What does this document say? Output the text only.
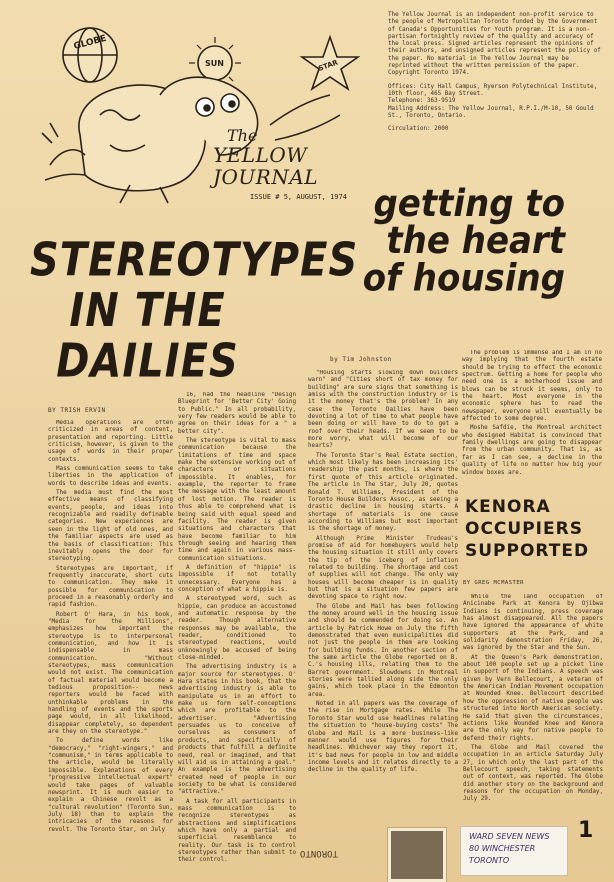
GLOBE
SUN	STAR
The
YELLOW JOURNAL
ISSUE # 5, AUGUST, 1974

The Yellow Journal is an independent non-profit service to the people of Metropolitan Toronto funded by the Government of Canada's Opportunities for Youth program. It is a non-partisan fortnightly review of the quality and accuracy of the local press. Signed articles represent the opinions of their authors, and unsigned articles represent the policy of the paper. No material in The Yellow Journal may be reprinted without the written permission of the paper. Copyright Toronto 1974.

Offices: City Hall Campus, Ryerson Polytechnical Institute, 10th floor, 465 Bay Street.

Telephone: 363-9519

Mailing Address: The Yellow Journal, R.P.I./M-10, 50 Gould St., Toronto, Ontario.

Circulation: 2000

STEREOTYPES
IN THE
DAILIES
getting to
the heart
of housing
BY TRISH ERVIN

Media operations are often criticized in areas of content, presentation and reporting. Little criticism, however, is given to the usage of words in their proper contexts.

Mass communication seems to take liberties in the application of words to describe ideas and events.

The media must find the most effective means of classifying events, people, and ideas into recognizable and readily definable categories. New experiences are seen in the light of old ones, and the familiar aspects are used as the basis of classification: This inevitably opens the door for stereotyping.

Stereotypes are important, if frequently inaccurate, short cuts to communication. They make it possible for communication to proceed in a reasonably orderly and rapid fashion.

Robert O' Hara, in his book, "Media for the Millions", emphasizes how important the stereotype is to interpersonal communication, and how it is indispensable in mass communication. "Without stereotypes, mass communication would not exist. The communication of factual material would become a tedious proposition-- news reporters would be faced with unthinkable problems in the handling of events and the sports page would, in all likelihood, disappear completely, so dependent are they on the stereotype."

To define words like "democracy," "right-wingers," and "communism," in terms applicable to the article, would be literally impossible. Explanations of every "progressive intellectual expert" would take pages of valuable newsprint. It is much easier to explain a Chinese revolt as a "cultural revolution" (Toronto Sun, July 18) than to explain the intricacies of the reasons for revolt. The Toronto Star, on July

16, had the headline "Design Blueprint for 'Better City' Going to Public." In all probability, very few readers would be able to agree on their ideas for a " a better city".

The stereotype is vital to mass communication because the limitations of time and space make the extensive working out of characters or situations impossible. It enables, for example, the reporter to frame the message with the least amount of lost motion. The reader is thus able to comprehend what is being said with equal speed and facility. The reader is given situations and characters that have become familiar to him through seeing and hearing them time and again in various mass-communication situations.

A definition of "hippie" is impossible if not totally unnecessary. Everyone has a conception of what a hippie is.

A stereotyped word, such as hippie, can produce an accustomed and automatic response by the reader. Though alternative responses may be available, the reader, conditioned to stereotyped reactions, would unknowingly be accused of being close-minded.

The advertising industry is a major source for stereotypes. O' Hara states in his book, that the advertising industry is able to manipulate us in an effort to make us form self-conceptions which are profitable to the advertiser. "Advertising persuades us to conceive of ourselves as consumers of products, and specifically of products that fulfill a definite need, real or imagined, and that will aid us in attaining a goal." An example is the advertising created need of people in our society to be what is considered "attractive."

A task for all participants in mass communication is to recognize stereotypes as abstractions and simplifications which have only a partial and superficial resemblance to reality. Our task is to control stereotypes rather than submit to their control.

by Tim Johnston

"Housing starts slowing down builders warn" and "Cities short of tax money for building" are sure signs that something is amiss with the construction industry or is it the money that's the problem? In any case the Toronto Dailies have been devoting a lot of time to what people have been doing or will have to do to get a roof over their heads. If we seem to be more worry, what will become of our hearts?

The Toronto Star's Real Estate section, which most likely has been increasing its' readership the past months, is where the first quote of this article originated. The article in The Star, July 20, quotes Ronald T. Williams, President of the Toronto House Builders Assoc., as seeing a drastic decline in housing starts. A shortage of materials is one cause according to Williams but most important is the shortage of money.

Although Prime Minister Trudeau's promise of aid for homebuyers would help the housing situation it still only covers the tip of the iceberg of inflation related to building. The shortage and cost of supplies will not change. The only way houses will become cheaper is in quality but that is a situation few papers are devoting space to right now.

The Globe and Mail has been following the money around well in the housing issue and should be commended for doing so. An article by Patrick Howe on July the fifth demonstrated that even municipalities did not just the people in them are looking for building funds. In another section of the same article the Globe reported on B. C.'s housing ills, relating them to the Barret government. Slowdowns in Montreal stories were tallied along side the only gains, which took place in the Edmonton area.

Noted in all papers was the coverage of the rise in Mortgage rates. While The Toronto Star would use headlines relating the situation to "house-buying costs" The Globe and Mail is a more business-like manner would use figures for their headlines. Whichever way they report it, it's bad news for people in low and middle income levels and it relates directly to a decline in the quality of life.

The problem is immense and I am in no way implying that the fourth estate should be trying to effect the economic spectrum. Getting a home for people who need one is a motherhood issue and blows can be struck it seems, only to the heart. Most everyone in the economic sphere has to read the newspaper, everyone will eventually be affected to some degree.

Moshe Safdie, the Montreal architect who designed Habitat is convinced that family dwellings are going to disappear from the urban community. That is, as far as I can see, a decline in the quality of life no matter how big your window boxes are.

KENORA OCCUPIERS SUPPORTED
BY GREG MCMASTER

While the land occupation of Anicinabe Park at Kenora by Ojibwa Indians is continuing, press coverage has almost disappeared. All the papers have ignored the appearance of white supporters at the Park, and a solidarity demonstration Friday, 26, was ignored by the Star and the Sun.

At the Queen's Park demonstration, about 100 people set up a picket line in support of the Indians. A speech was given by Vern Bellecourt, a veteran of the American Indian Movement occupation at Wounded Knee. Bellecourt described how the oppression of native people was structured into North American society. He said that given the circumstances, actions like Wounded Knee and Kenora are the only way for native people to defend their rights.

The Globe and Mail covered the occupation in an article Saturday July 27, in which only the last part of the Bellecourt speech, taking statements out of context, was reported. The Globe did another story on the background and reasons for the occupation on Monday, July 29.

TORONTO
WARD SEVEN NEWS
80 WINCHESTER
TORONTO
1
